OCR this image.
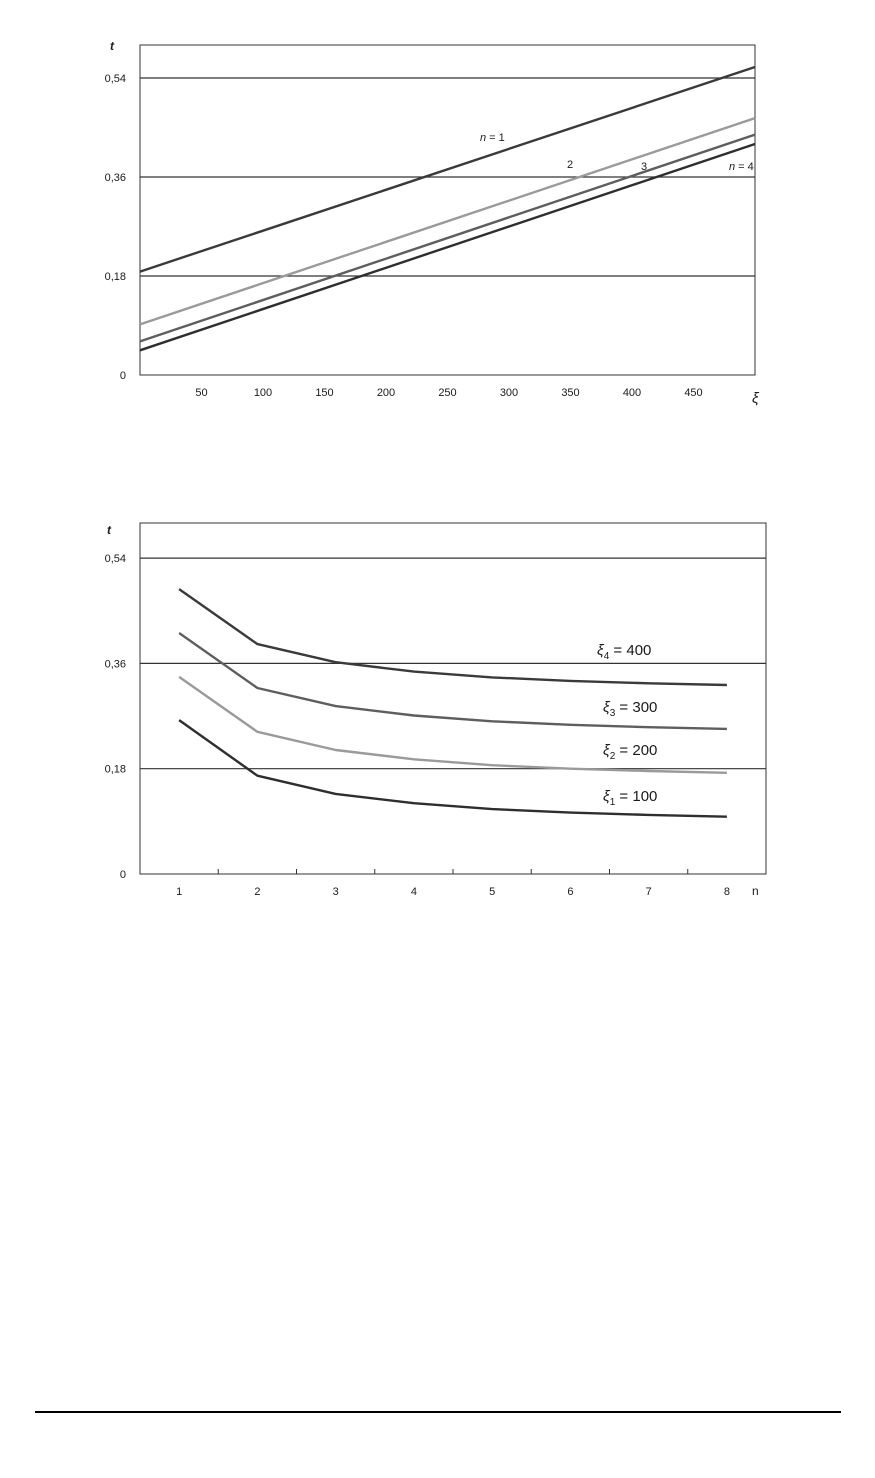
0
0,18
0,36
0,54
50	100	150	200	250	300	350	400	450
t
ξ
n = 1
2	3	n = 4
0
0,18
0,36
0,54
1	2	3	4	5	6	7	8
t
n
$\xi_4 = 400$
$\xi_3 = 300$
$\xi_2 = 200$
$\xi_1 = 100$
